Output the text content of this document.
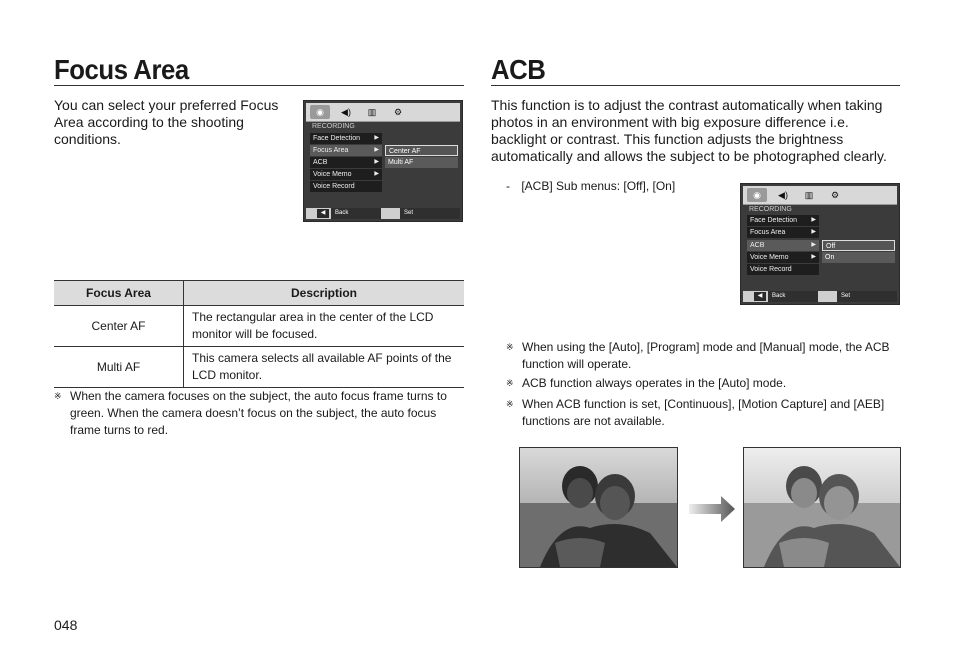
Focus Area
You can select your preferred Focus Area according to the shooting conditions.
◉	◀)	▥	⚙
RECORDING
Face Detection ▶
Focus Area	▶
ACB	▶
Voice Memo	▶
Voice Record
Center AF
Multi AF
◀	Back	Set
Focus Area	Description
Center AF	The rectangular area in the center of the LCD monitor will be focused.
Multi AF	This camera selects all available AF points of the LCD monitor.
※ When the camera focuses on the subject, the auto focus frame turns to green. When the camera doesn’t focus on the subject, the auto focus frame turns to red.
048
ACB
This function is to adjust the contrast automatically when taking photos in an environment with big exposure difference i.e. backlight or contrast. This function adjusts the brightness automatically and allows the subject to be photographed clearly.
- [ACB] Sub menus: [Off], [On]
◉	◀)	▥	⚙
RECORDING
Face Detection ▶
Focus Area	▶
ACB	▶
Voice Memo	▶
Voice Record
Off
On
◀	Back	Set
※ When using the [Auto], [Program] mode and [Manual] mode, the ACB function will operate.
※ ACB function always operates in the [Auto] mode.
※ When ACB function is set, [Continuous], [Motion Capture] and [AEB] functions are not available.
